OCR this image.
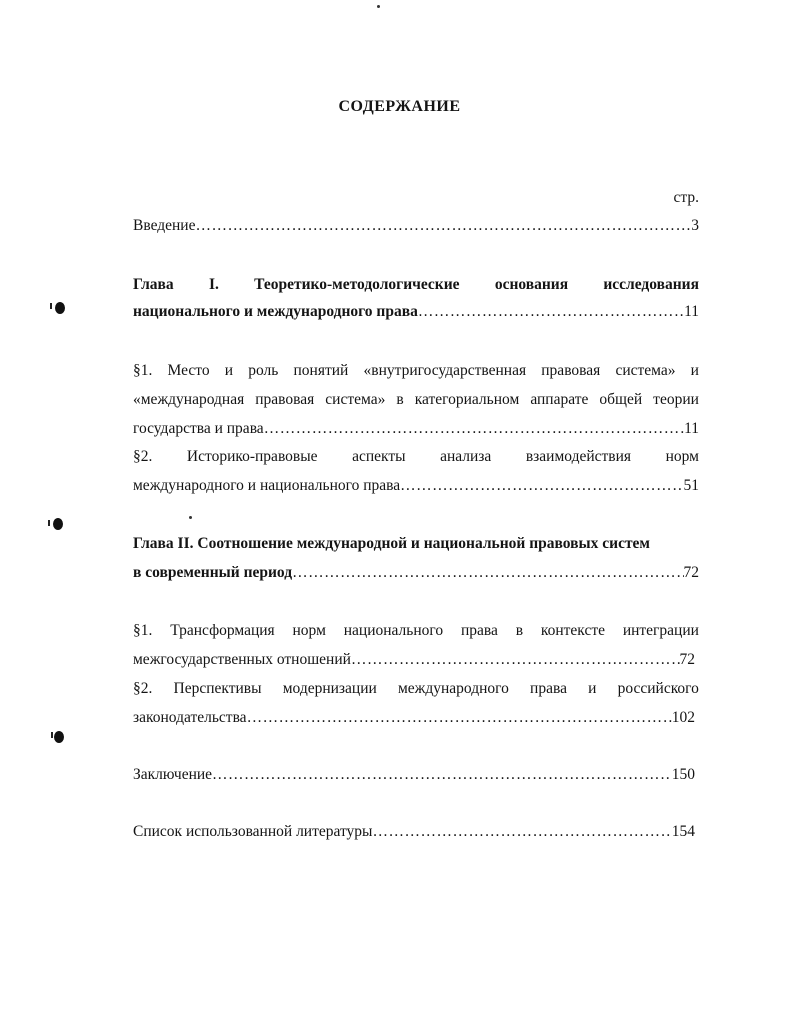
СОДЕРЖАНИЕ
стр.
Введение ………………………………………………………………………………………………………………………………………………………………	3
Глава I. Теоретико-методологические основания исследования
национального и международного права ………………………………………………………………………………………………………………………………………………………………	11
§1. Место и роль понятий «внутригосударственная правовая система» и
«международная правовая система» в категориальном аппарате общей теории
государства и права ………………………………………………………………………………………………………………………………………………………………	11
§2. Историко-правовые аспекты анализа взаимодействия норм
международного и национального права ………………………………………………………………………………………………………………………………………………………………	51
Глава II. Соотношение международной и национальной правовых систем
в современный период ………………………………………………………………………………………………………………………………………………………………	72
§1. Трансформация норм национального права в контексте интеграции
межгосударственных отношений ………………………………………………………………………………………………………………………………………………………………	72
§2. Перспективы модернизации международного права и российского
законодательства ………………………………………………………………………………………………………………………………………………………………	102
Заключение ………………………………………………………………………………………………………………………………………………………………	150
Список использованной литературы ………………………………………………………………………………………………………………………………………………………………	154
